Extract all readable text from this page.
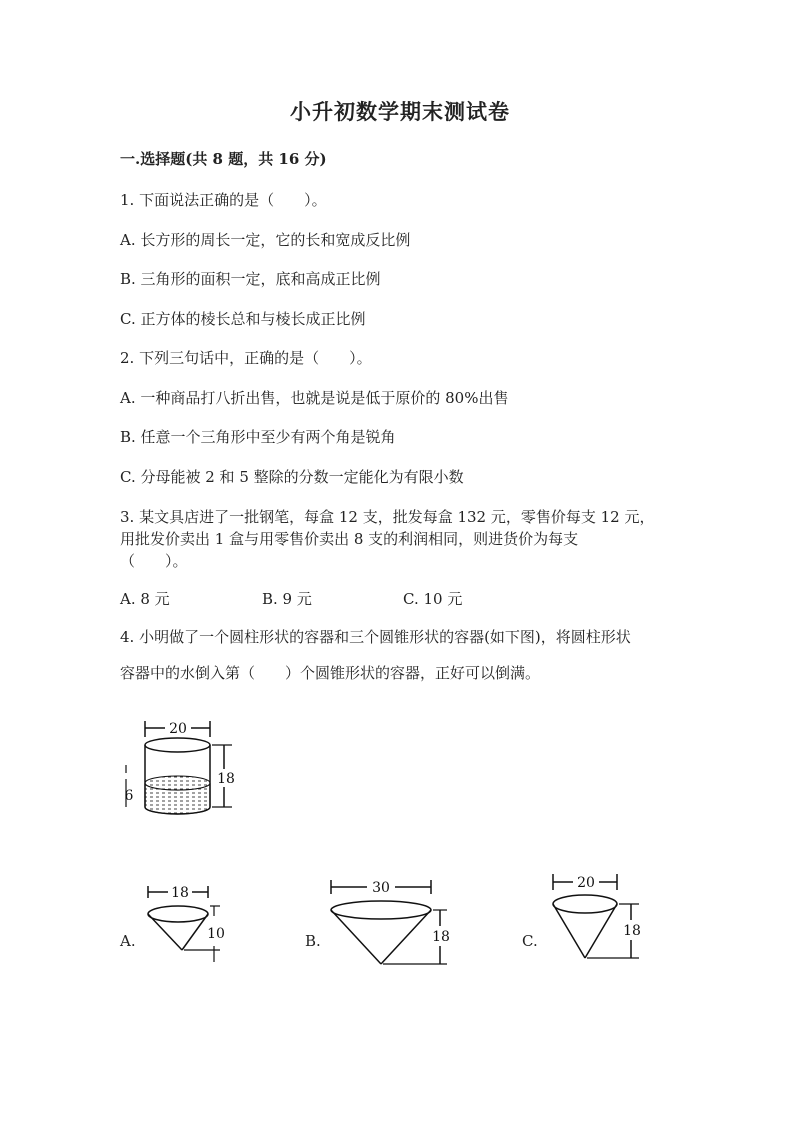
小升初数学期末测试卷
一.选择题(共 8 题，共 16 分)
1. 下面说法正确的是（　　）。
A. 长方形的周长一定，它的长和宽成反比例
B. 三角形的面积一定，底和高成正比例
C. 正方体的棱长总和与棱长成正比例
2. 下列三句话中，正确的是（　　）。
A. 一种商品打八折出售，也就是说是低于原价的 80%出售
B. 任意一个三角形中至少有两个角是锐角
C. 分母能被 2 和 5 整除的分数一定能化为有限小数
3. 某文具店进了一批钢笔，每盒 12 支，批发每盒 132 元，零售价每支 12 元，
用批发价卖出 1 盒与用零售价卖出 8 支的利润相同，则进货价为每支
（　　）。
A. 8 元	B. 9 元	C. 10 元
4. 小明做了一个圆柱形状的容器和三个圆锥形状的容器(如下图)，将圆柱形状
容器中的水倒入第（　　）个圆锥形状的容器，正好可以倒满。
20
18
6
A.
18
10	B.
30
18	C.
20
18
